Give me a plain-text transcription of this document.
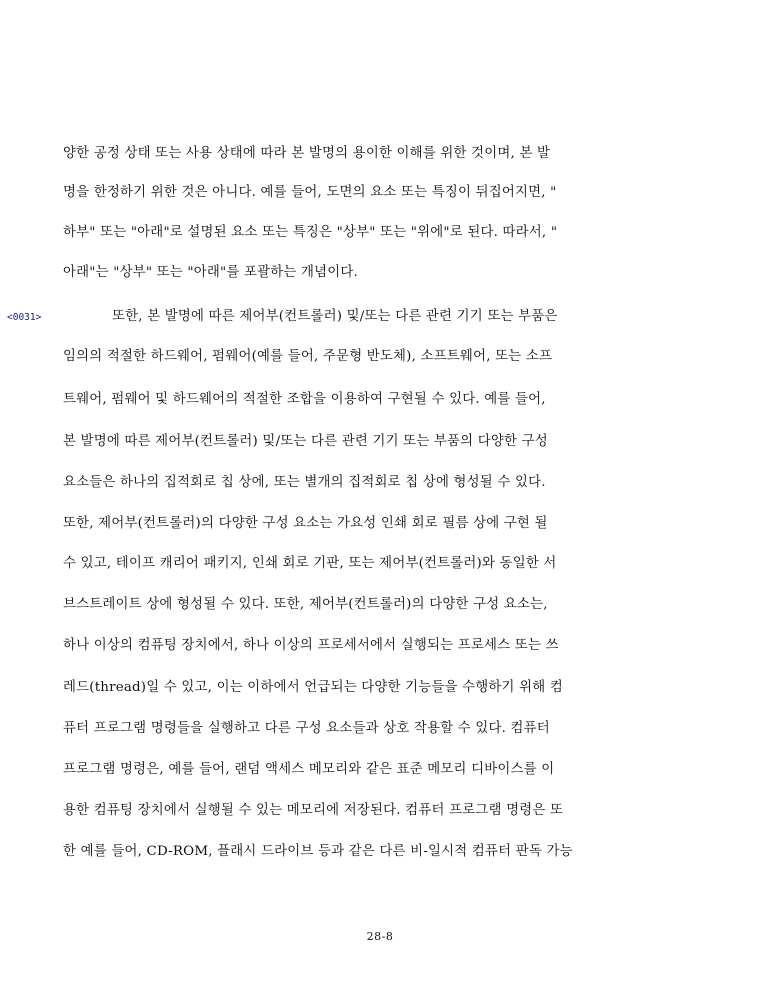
양한 공정 상태 또는 사용 상태에 따라 본 발명의 용이한 이해를 위한 것이며, 본 발
명을 한정하기 위한 것은 아니다. 예를 들어, 도면의 요소 또는 특징이 뒤집어지면, "
하부" 또는 "아래"로 설명된 요소 또는 특징은 "상부" 또는 "위에"로 된다. 따라서, "
아래"는 "상부" 또는 "아래"를 포괄하는 개념이다.
<0031>	또한, 본 발명에 따른 제어부(컨트롤러) 및/또는 다른 관련 기기 또는 부품은
임의의 적절한 하드웨어, 펌웨어(예를 들어, 주문형 반도체), 소프트웨어, 또는 소프
트웨어, 펌웨어 및 하드웨어의 적절한 조합을 이용하여 구현될 수 있다. 예를 들어,
본 발명에 따른 제어부(컨트롤러) 및/또는 다른 관련 기기 또는 부품의 다양한 구성
요소들은 하나의 집적회로 칩 상에, 또는 별개의 집적회로 칩 상에 형성될 수 있다.
또한, 제어부(컨트롤러)의 다양한 구성 요소는 가요성 인쇄 회로 필름 상에 구현 될
수 있고, 테이프 캐리어 패키지, 인쇄 회로 기판, 또는 제어부(컨트롤러)와 동일한 서
브스트레이트 상에 형성될 수 있다. 또한, 제어부(컨트롤러)의 다양한 구성 요소는,
하나 이상의 컴퓨팅 장치에서, 하나 이상의 프로세서에서 실행되는 프로세스 또는 쓰
레드(thread)일 수 있고, 이는 이하에서 언급되는 다양한 기능들을 수행하기 위해 컴
퓨터 프로그램 명령들을 실행하고 다른 구성 요소들과 상호 작용할 수 있다. 컴퓨터
프로그램 명령은, 예를 들어, 랜덤 액세스 메모리와 같은 표준 메모리 디바이스를 이
용한 컴퓨팅 장치에서 실행될 수 있는 메모리에 저장된다. 컴퓨터 프로그램 명령은 또
한 예를 들어, CD-ROM, 플래시 드라이브 등과 같은 다른 비-일시적 컴퓨터 판독 가능
28-8
